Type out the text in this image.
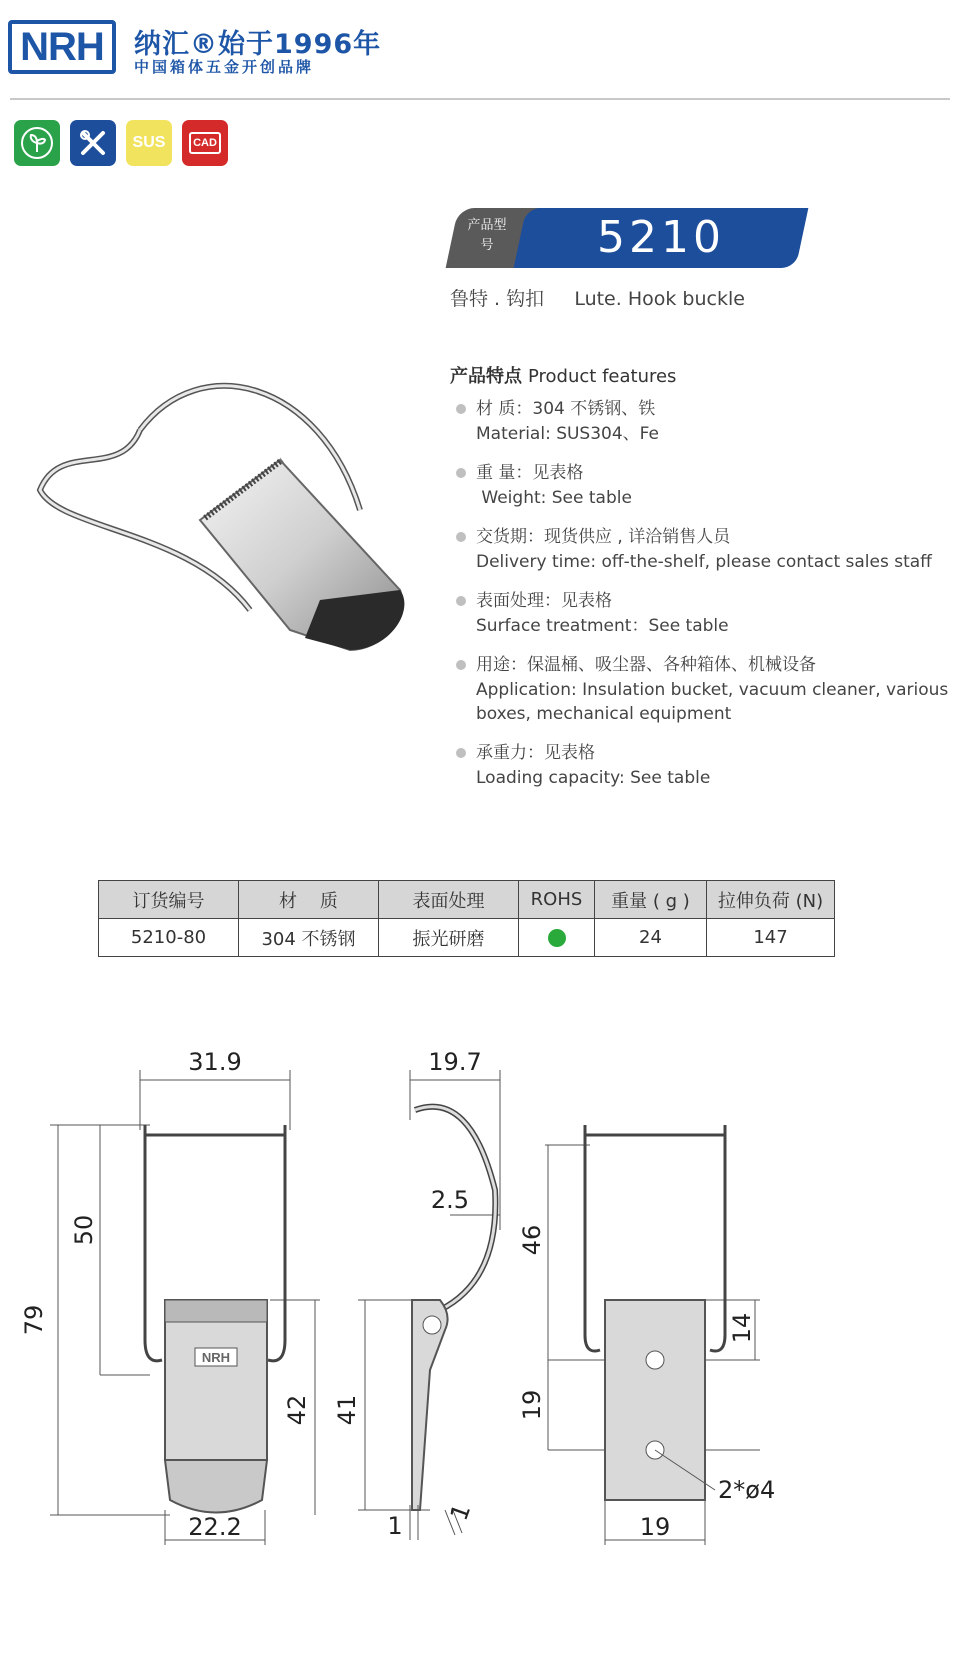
NRH	纳汇®始于1996年
中国箱体五金开创品牌
SUS	CAD
产品型号	5210
鲁特 . 钩扣     Lute. Hook buckle
产品特点 Product features
材 质：304 不锈钢、铁
Material: SUS304、Fe
重 量：见表格
Weight: See table
交货期：现货供应 , 详洽销售人员
Delivery time: off-the-shelf, please contact sales staff
表面处理：见表格
Surface treatment：See table
用途：保温桶、吸尘器、各种箱体、机械设备
Application: Insulation bucket, vacuum cleaner, various boxes, mechanical equipment
承重力：见表格
Loading capacity: See table
订货编号	材    质	表面处理	ROHS	重量 ( g )	拉伸负荷 (N)
5210-80	304 不锈钢	振光研磨		24	147
31.9
79
50
42
22.2
19.7
2.5
41
1 1
46
14
19
19
2*ø4
NRH
